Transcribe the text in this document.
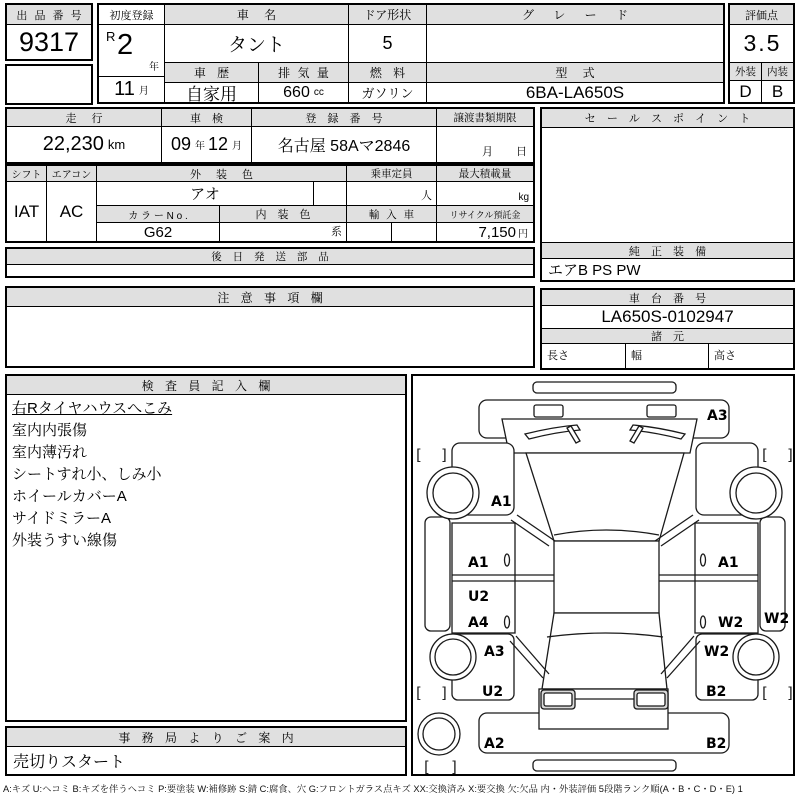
出 品 番 号
9317
初度登録
R 2
年
11 月
車 名
タント
車 歴
自家用
排 気 量
660 cc
ドア形状
5
燃 料
ガソリン
グ レ ー ド
型 式
6BA-LA650S
評価点
3.5
外装	内装
D	B
走 行
22,230 km
車 検
09 年 12 月
登 録 番 号
名古屋 58Aマ2846
譲渡書類期限
月 日
シフト
IAT
エアコン
AC
外 装 色
アオ
カ ラ ー N o .	内 装 色
G62	系
乗車定員
人
輸 入 車
最大積載量
kg
リサイクル預託金
7,150 円
後 日 発 送 部 品
注 意 事 項 欄
セ ー ル ス ポ イ ン ト
純 正 装 備
エアB PS PW
車 台 番 号
LA650S-0102947
諸 元
長さ	幅	高さ
検 査 員 記 入 欄
右Rタイヤハウスへこみ
室内内張傷
室内薄汚れ
シートすれ小、しみ小
ホイールカバーA
サイドミラーA
外装うすい線傷
事 務 局 よ り ご 案 内
売切りスタート
[ ]	[ ]
[ ]	[ ]
[ ]
A3
A1
A1	A1
U2
A4	W2 W2
A3	W2
U2	B2
A2	B2
A:キズ U:ヘコミ B:キズを伴うヘコミ P:要塗装 W:補修跡 S:錆 C:腐食、穴 G:フロントガラス点キズ XX:交換済み X:要交換 欠:欠品 内・外装評価 5段階ランク順(A・B・C・D・E) 1
